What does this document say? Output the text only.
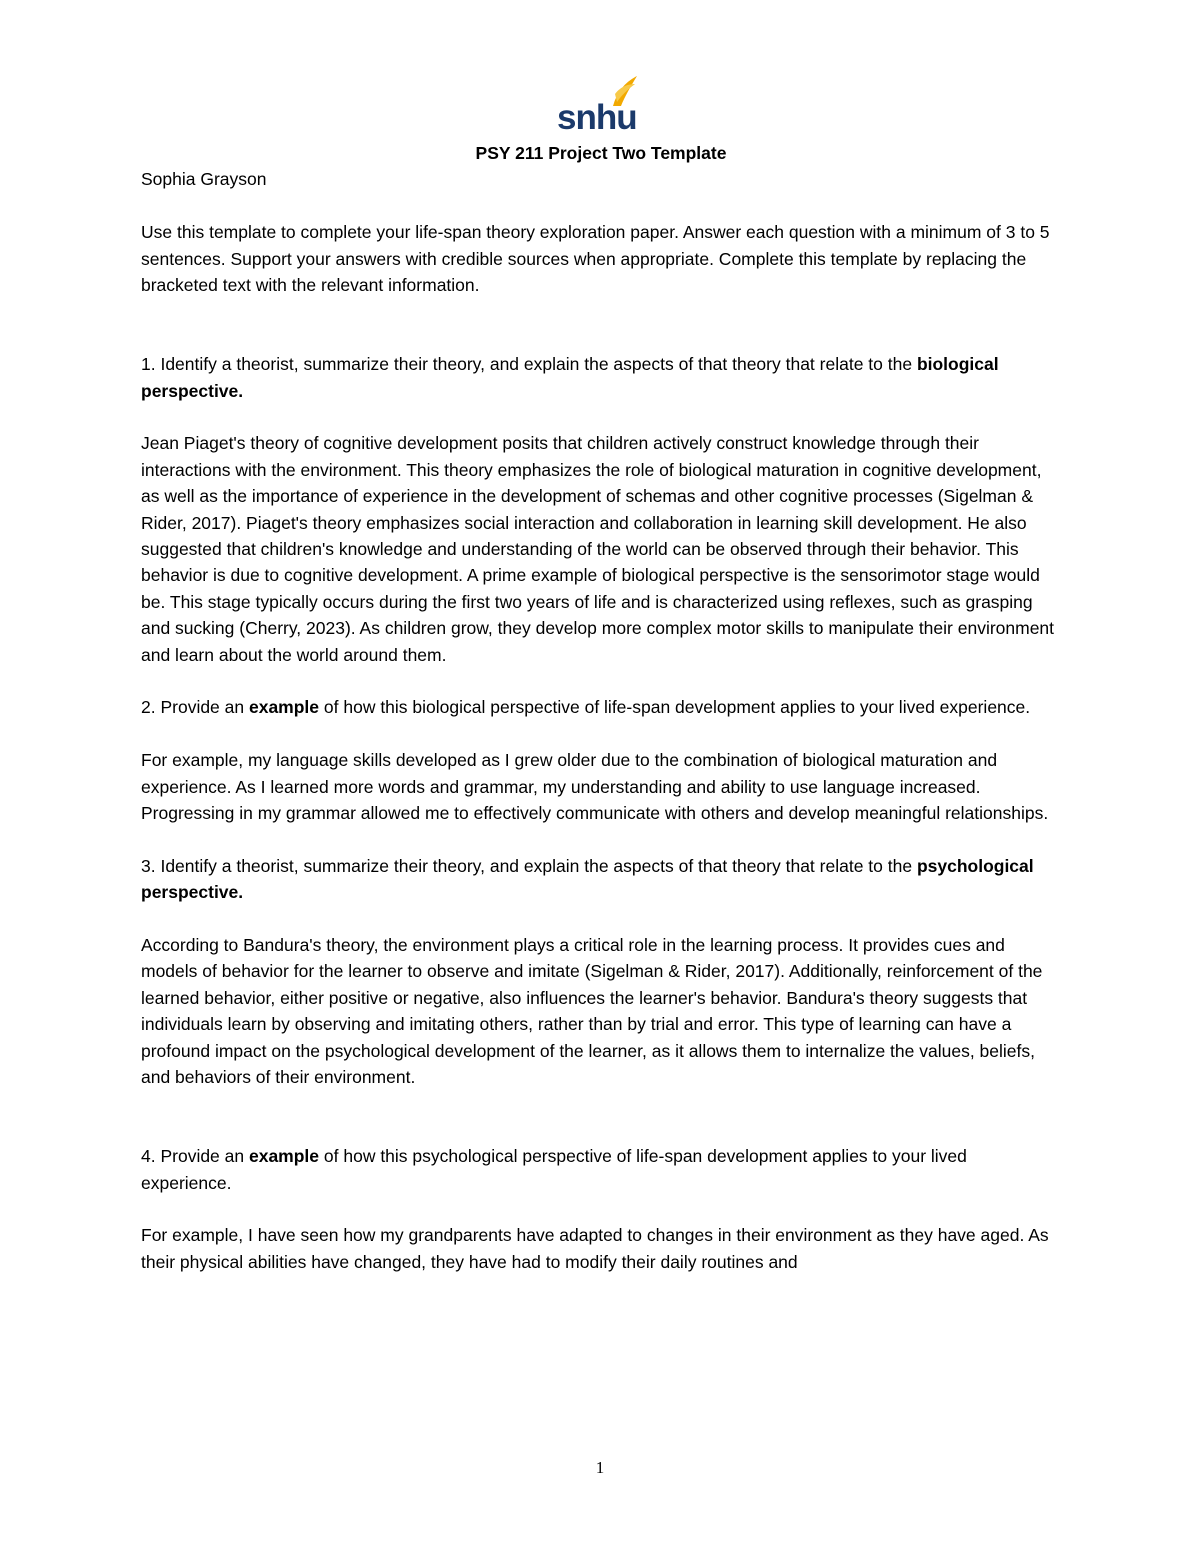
snhu

PSY 211 Project Two Template

Sophia Grayson

Use this template to complete your life-span theory exploration paper. Answer each question with a minimum of 3 to 5 sentences. Support your answers with credible sources when appropriate. Complete this template by replacing the bracketed text with the relevant information.

1. Identify a theorist, summarize their theory, and explain the aspects of that theory that relate to the biological perspective.

Jean Piaget's theory of cognitive development posits that children actively construct knowledge through their interactions with the environment. This theory emphasizes the role of biological maturation in cognitive development, as well as the importance of experience in the development of schemas and other cognitive processes (Sigelman & Rider, 2017). Piaget's theory emphasizes social interaction and collaboration in learning skill development. He also suggested that children's knowledge and understanding of the world can be observed through their behavior. This behavior is due to cognitive development. A prime example of biological perspective is the sensorimotor stage would be. This stage typically occurs during the first two years of life and is characterized using reflexes, such as grasping and sucking (Cherry, 2023). As children grow, they develop more complex motor skills to manipulate their environment and learn about the world around them.

2. Provide an example of how this biological perspective of life-span development applies to your lived experience.

For example, my language skills developed as I grew older due to the combination of biological maturation and experience. As I learned more words and grammar, my understanding and ability to use language increased. Progressing in my grammar allowed me to effectively communicate with others and develop meaningful relationships.

3. Identify a theorist, summarize their theory, and explain the aspects of that theory that relate to the psychological perspective.

According to Bandura's theory, the environment plays a critical role in the learning process. It provides cues and models of behavior for the learner to observe and imitate (Sigelman & Rider, 2017). Additionally, reinforcement of the learned behavior, either positive or negative, also influences the learner's behavior. Bandura's theory suggests that individuals learn by observing and imitating others, rather than by trial and error. This type of learning can have a profound impact on the psychological development of the learner, as it allows them to internalize the values, beliefs, and behaviors of their environment.

4. Provide an example of how this psychological perspective of life-span development applies to your lived experience.

For example, I have seen how my grandparents have adapted to changes in their environment as they have aged. As their physical abilities have changed, they have had to modify their daily routines and

1
